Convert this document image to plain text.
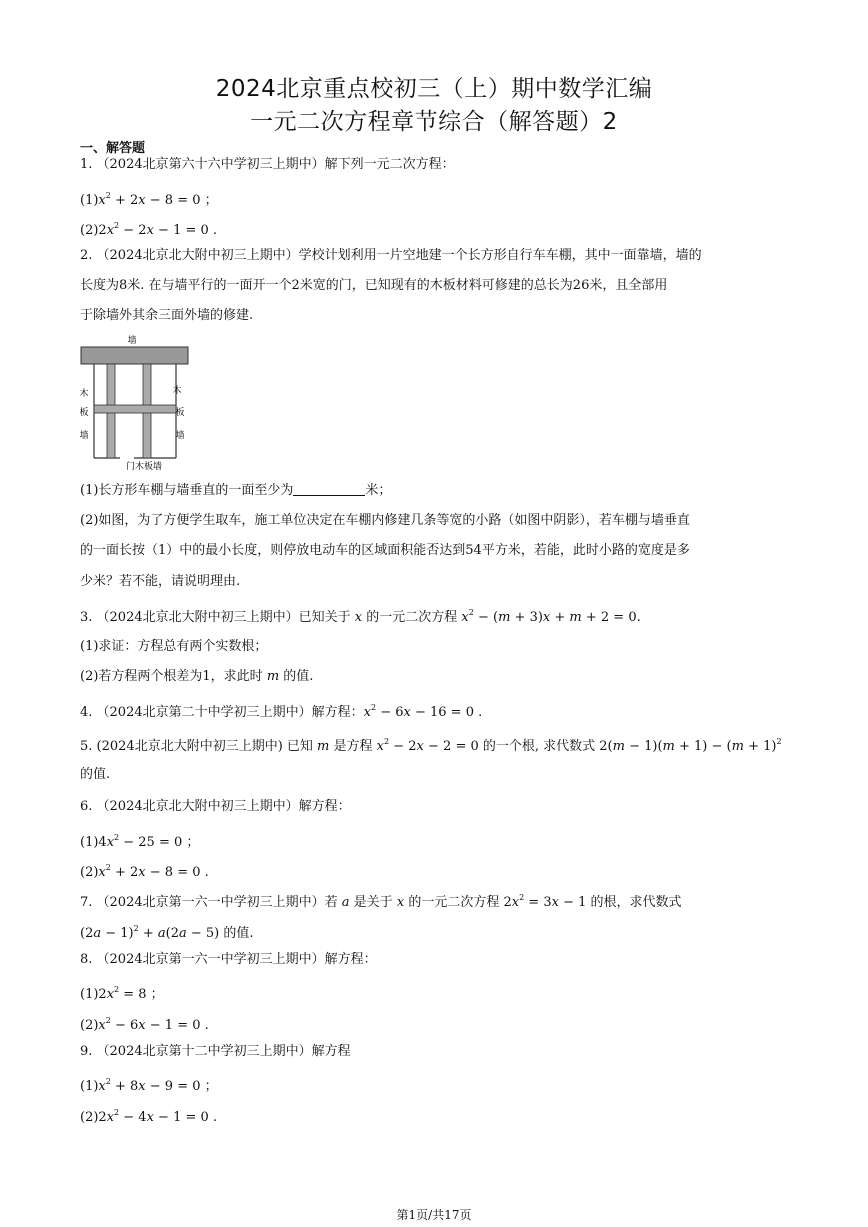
2024北京重点校初三（上）期中数学汇编
一元二次方程章节综合（解答题）2
一、解答题
1. （2024北京第六十六中学初三上期中）解下列一元二次方程：
$(1)x^2 + 2x - 8 = 0$ ；
$(2)2x^2 - 2x - 1 = 0$ .
2. （2024北京北大附中初三上期中）学校计划利用一片空地建一个长方形自行车车棚，其中一面靠墙，墙的
长度为8米. 在与墙平行的一面开一个2米宽的门，已知现有的木板材料可修建的总长为26米，且全部用
于除墙外其余三面外墙的修建.
墙
木
板
墙
木
板
墙
门木板墙
(1)长方形车棚与墙垂直的一面至少为	米；
(2)如图，为了方便学生取车，施工单位决定在车棚内修建几条等宽的小路（如图中阴影），若车棚与墙垂直
的一面长按（1）中的最小长度，则停放电动车的区域面积能否达到54平方米，若能，此时小路的宽度是多
少米？若不能，请说明理由.
3. （2024北京北大附中初三上期中）已知关于 x 的一元二次方程 $x^2 - (m + 3)x + m + 2 = 0$.
(1)求证：方程总有两个实数根；
(2)若方程两个根差为1，求此时 m 的值.
4. （2024北京第二十中学初三上期中）解方程：$x^2 - 6x - 16 = 0$ .
5. (2024北京北大附中初三上期中) 已知 m 是方程 $x^2 - 2x - 2 = 0$ 的一个根, 求代数式 $2(m - 1)(m + 1) - (m + 1)^2$
的值.
6. （2024北京北大附中初三上期中）解方程：
$(1)4x^2 - 25 = 0$ ；
$(2)x^2 + 2x - 8 = 0$ .
7. （2024北京第一六一中学初三上期中）若 a 是关于 x 的一元二次方程 $2x^2 = 3x - 1$ 的根，求代数式
$(2a - 1)^2 + a(2a - 5)$ 的值.
8. （2024北京第一六一中学初三上期中）解方程：
$(1)2x^2 = 8$ ；
$(2)x^2 - 6x - 1 = 0$ .
9. （2024北京第十二中学初三上期中）解方程
$(1)x^2 + 8x - 9 = 0$ ；
$(2)2x^2 - 4x - 1 = 0$ .
第1页/共17页
